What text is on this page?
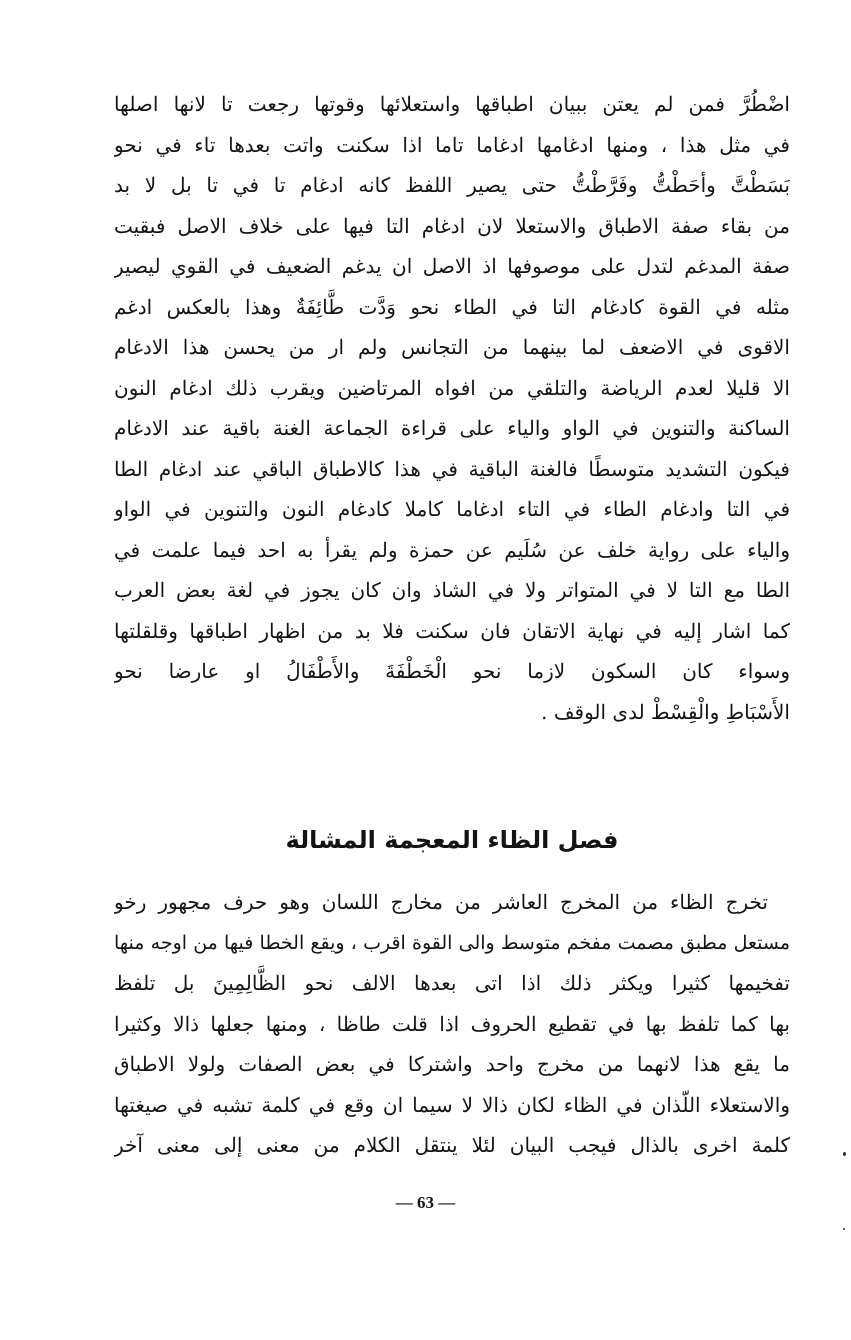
اضْطُرَّ فمن لم يعتن ببيان اطباقها واستعلائها وقوتها رجعت تا لانها اصلها
في مثل هذا ، ومنها ادغامها ادغاما تاما اذا سكنت واتت بعدها تاء في نحو
بَسَطْتَّ وأحَطْتُّ وفَرَّطْتُّ حتى يصير اللفظ كانه ادغام تا في تا بل لا بد
من بقاء صفة الاطباق والاستعلا لان ادغام التا فيها على خلاف الاصل فبقيت
صفة المدغم لتدل على موصوفها اذ الاصل ان يدغم الضعيف في القوي ليصير
مثله في القوة كادغام التا في الطاء نحو وَدَّت طَّائِفَةٌ وهذا بالعكس ادغم
الاقوى في الاضعف لما بينهما من التجانس ولم ار من يحسن هذا الادغام
الا قليلا لعدم الرياضة والتلقي من افواه المرتاضين ويقرب ذلك ادغام النون
الساكنة والتنوين في الواو والياء على قراءة الجماعة الغنة باقية عند الادغام
فيكون التشديد متوسطًا فالغنة الباقية في هذا كالاطباق الباقي عند ادغام الطا
في التا وادغام الطاء في التاء ادغاما كاملا كادغام النون والتنوين في الواو
والياء على رواية خلف عن سُلَيم عن حمزة ولم يقرأ به احد فيما علمت في
الطا مع التا لا في المتواتر ولا في الشاذ وان كان يجوز في لغة بعض العرب
كما اشار إليه في نهاية الاتقان فان سكنت فلا بد من اظهار اطباقها وقلقلتها
وسواء كان السكون لازما نحو الْخَطْفَةَ والأَطْفَالُ او عارضا نحو
الأَسْبَاطِ والْقِسْطْ لدى الوقف .
فصل الظاء المعجمة المشالة
تخرج الظاء من المخرج العاشر من مخارج اللسان وهو حرف مجهور رخو
مستعل مطبق مصمت مفخم متوسط والى القوة اقرب ، ويقع الخطا فيها من اوجه منها
تفخيمها كثيرا ويكثر ذلك اذا اتى بعدها الالف نحو الظَّالِمِينَ بل تلفظ
بها كما تلفظ بها في تقطيع الحروف اذا قلت طاظا ، ومنها جعلها ذالا وكثيرا
ما يقع هذا لانهما من مخرج واحد واشتركا في بعض الصفات ولولا الاطباق
والاستعلاء اللّذان في الظاء لكان ذالا لا سيما ان وقع في كلمة تشبه في صيغتها
كلمة اخرى بالذال فيجب البيان لئلا ينتقل الكلام من معنى إلى معنى آخر
— 63 —
